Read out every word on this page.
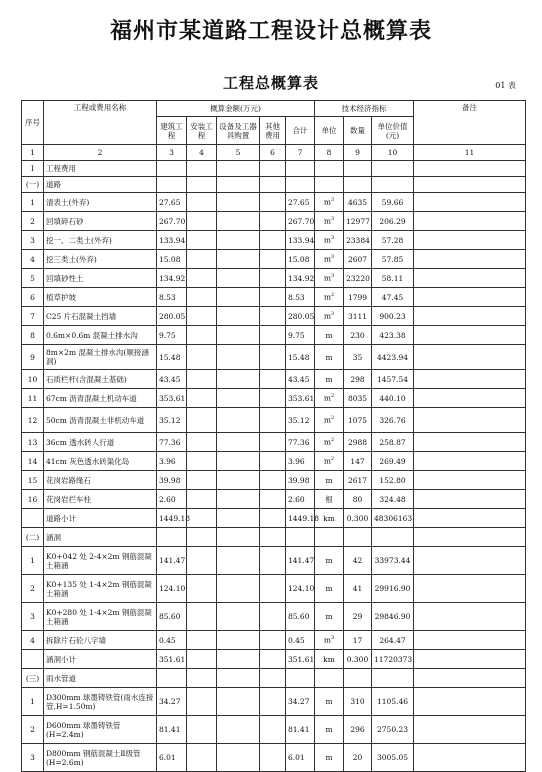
福州市某道路工程设计总概算表
工程总概算表	01 表
序号	工程或费用名称	概算金额(万元)					技术经济指标			备注
		建筑工程	安装工程	设备及工器具购置	其他费用	合计	单位	数量	单位价值(元)	
1	2	3	4	5	6	7	8	9	10	11
Ⅰ	工程费用									
(一)	道路									
1	清表土(外弃)	27.65				27.65	$m^3$	4635	59.66	
2	回填碎石砂	267.70				267.70	$m^3$	12977	206.29	
3	挖一、二类土(外弃)	133.94				133.94	$m^3$	23384	57.28	
4	挖三类土(外弃)	15.08				15.08	$m^3$	2607	57.85	
5	回填砂性土	134.92				134.92	$m^3$	23220	58.11	
6	植草护坡	8.53				8.53	$m^2$	1799	47.45	
7	C25 片石混凝土挡墙	280.05				280.05	$m^3$	3111	900.23	
8	0.6m×0.6m 混凝土排水沟	9.75				9.75	m	230	423.38	
9	8m×2m 混凝土排水沟(顺接涵洞)	15.48				15.48	m	35	4423.94	
10	石质栏杆(含混凝土基础)	43.45				43.45	m	298	1457.54	
11	67cm 沥青混凝土机动车道	353.61				353.61	$m^2$	8035	440.10	
12	50cm 沥青混凝土非机动车道	35.12				35.12	$m^2$	1075	326.76	
13	36cm 透水砖人行道	77.36				77.36	$m^2$	2988	258.87	
14	41cm 灰色透水砖渠化岛	3.96				3.96	$m^2$	147	269.49	
15	花岗岩路缘石	39.98				39.98	m	2617	152.80	
16	花岗岩拦车柱	2.60				2.60	根	80	324.48	
	道路小计	1449.18				1449.18	km	0.300	48306163	
(二)	涵洞									
1	K0+042 处 2-4×2m 钢筋混凝土箱涵	141.47				141.47	m	42	33973.44	
2	K0+135 处 1-4×2m 钢筋混凝土箱涵	124.10				124.10	m	41	29916.90	
3	K0+280 处 1-4×2m 钢筋混凝土箱涵	85.60				85.60	m	29	29846.90	
4	拆除片石砼八字墙	0.45				0.45	$m^3$	17	264.47	
	涵洞小计	351.61				351.61	km	0.300	11720373	
(三)	雨水管道									
1	D300mm 球墨铸铁管(雨水连接管,H=1.50m)	34.27				34.27	m	310	1105.46	
2	D600mm 球墨铸铁管(H=2.4m)	81.41				81.41	m	296	2750.23	
3	D800mm 钢筋混凝土Ⅱ级管(H=2.6m)	6.01				6.01	m	20	3005.05	
